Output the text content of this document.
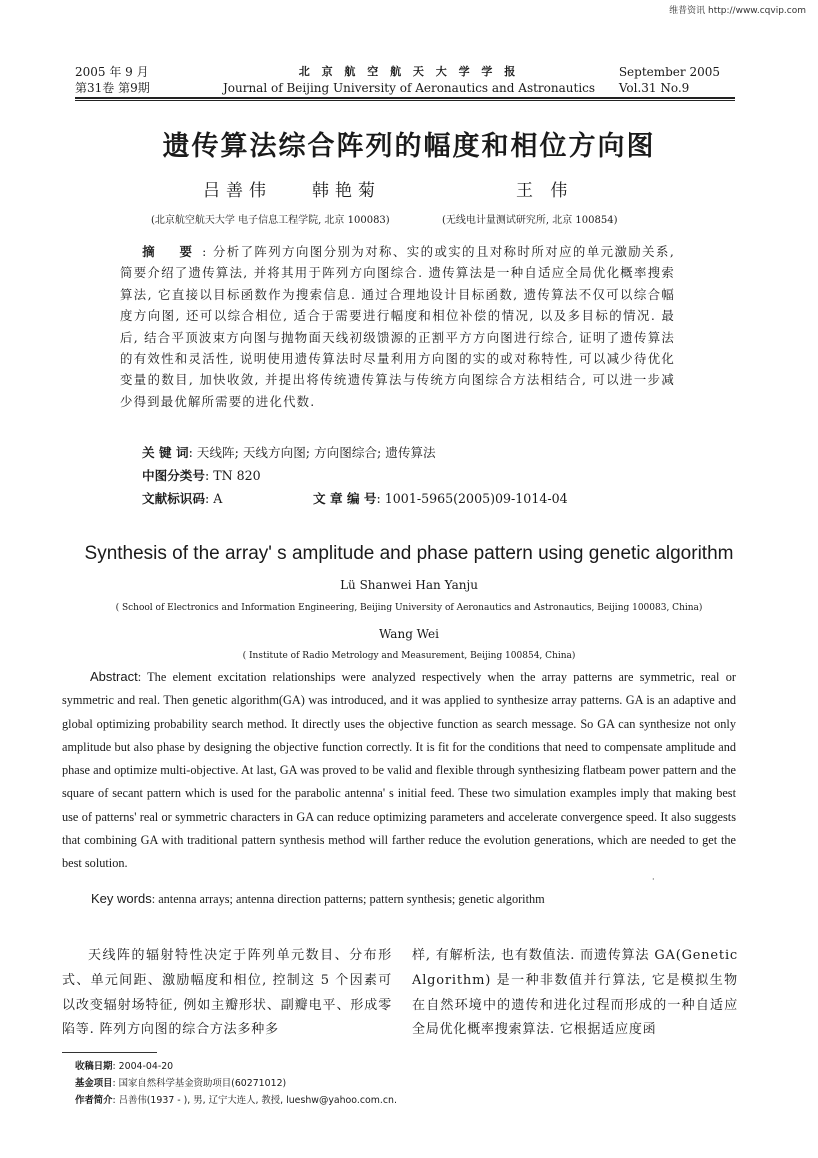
维普资讯 http://www.cqvip.com
2005 年 9 月
第31卷 第9期
北 京 航 空 航 天 大 学 学 报
Journal of Beijing University of Aeronautics and Astronautics
September 2005
Vol.31 No.9
遗传算法综合阵列的幅度和相位方向图
吕善伟 韩艳菊	王 伟
(北京航空航天大学 电子信息工程学院, 北京 100083)	(无线电计量测试研究所, 北京 100854)
摘 要: 分析了阵列方向图分别为对称、实的或实的且对称时所对应的单元激励关系, 简要介绍了遗传算法, 并将其用于阵列方向图综合. 遗传算法是一种自适应全局优化概率搜索算法, 它直接以目标函数作为搜索信息. 通过合理地设计目标函数, 遗传算法不仅可以综合幅度方向图, 还可以综合相位, 适合于需要进行幅度和相位补偿的情况, 以及多目标的情况. 最后, 结合平顶波束方向图与抛物面天线初级馈源的正割平方方向图进行综合, 证明了遗传算法的有效性和灵活性, 说明使用遗传算法时尽量利用方向图的实的或对称特性, 可以减少待优化变量的数目, 加快收敛, 并提出将传统遗传算法与传统方向图综合方法相结合, 可以进一步减少得到最优解所需要的进化代数.
关 键 词: 天线阵; 天线方向图; 方向图综合; 遗传算法
中图分类号: TN 820
文献标识码: A	文 章 编 号: 1001-5965(2005)09-1014-04
Synthesis of the array' s amplitude and phase pattern using genetic algorithm
Lü Shanwei Han Yanju
( School of Electronics and Information Engineering, Beijing University of Aeronautics and Astronautics, Beijing 100083, China)
Wang Wei
( Institute of Radio Metrology and Measurement, Beijing 100854, China)
Abstract: The element excitation relationships were analyzed respectively when the array patterns are symmetric, real or symmetric and real. Then genetic algorithm(GA) was introduced, and it was applied to synthesize array patterns. GA is an adaptive and global optimizing probability search method. It directly uses the objective function as search message. So GA can synthesize not only amplitude but also phase by designing the objective function correctly. It is fit for the conditions that need to compensate amplitude and phase and optimize multi-objective. At last, GA was proved to be valid and flexible through synthesizing flatbeam power pattern and the square of secant pattern which is used for the parabolic antenna' s initial feed. These two simulation examples imply that making best use of patterns' real or symmetric characters in GA can reduce optimizing parameters and accelerate convergence speed. It also suggests that combining GA with traditional pattern synthesis method will farther reduce the evolution generations, which are needed to get the best solution.
·
Key words: antenna arrays; antenna direction patterns; pattern synthesis; genetic algorithm
天线阵的辐射特性决定于阵列单元数目、分布形式、单元间距、激励幅度和相位, 控制这 5 个因素可以改变辐射场特征, 例如主瓣形状、副瓣电平、形成零陷等. 阵列方向图的综合方法多种多
样, 有解析法, 也有数值法. 而遗传算法 GA(Genetic Algorithm) 是一种非数值并行算法, 它是模拟生物在自然环境中的遗传和进化过程而形成的一种自适应全局优化概率搜索算法. 它根据适应度函
收稿日期: 2004-04-20
基金项目: 国家自然科学基金资助项目(60271012)
作者简介: 吕善伟(1937 - ), 男, 辽宁大连人, 教授, lueshw@yahoo.com.cn.
